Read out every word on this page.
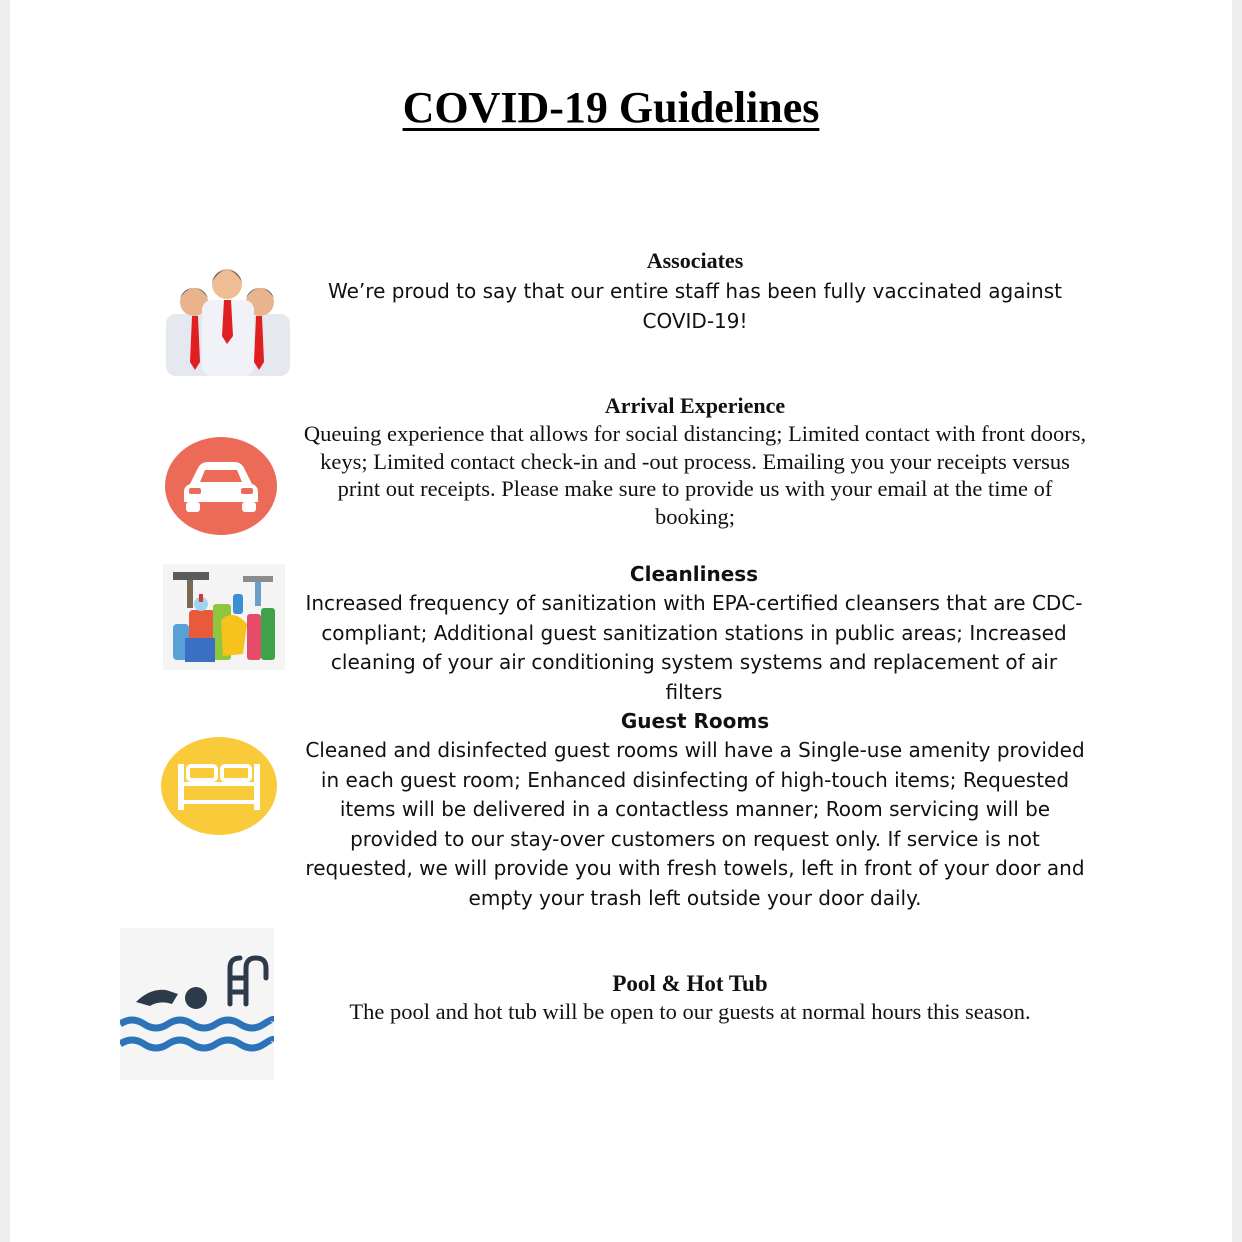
COVID-19 Guidelines
Associates
We’re proud to say that our entire staff has been fully vaccinated against COVID-19!
Arrival Experience
Queuing experience that allows for social distancing; Limited contact with front doors, keys; Limited contact check-in and -out process. Emailing you your receipts versus print out receipts. Please make sure to provide us with your email at the time of booking;
Cleanliness
Increased frequency of sanitization with EPA-certified cleansers that are CDC-compliant; Additional guest sanitization stations in public areas; Increased cleaning of your air conditioning system systems and replacement of air filters
Guest Rooms
Cleaned and disinfected guest rooms will have a Single-use amenity provided in each guest room; Enhanced disinfecting of high-touch items; Requested items will be delivered in a contactless manner; Room servicing will be provided to our stay-over customers on request only. If service is not requested, we will provide you with fresh towels, left in front of your door and empty your trash left outside your door daily.
Pool & Hot Tub
The pool and hot tub will be open to our guests at normal hours this season.
